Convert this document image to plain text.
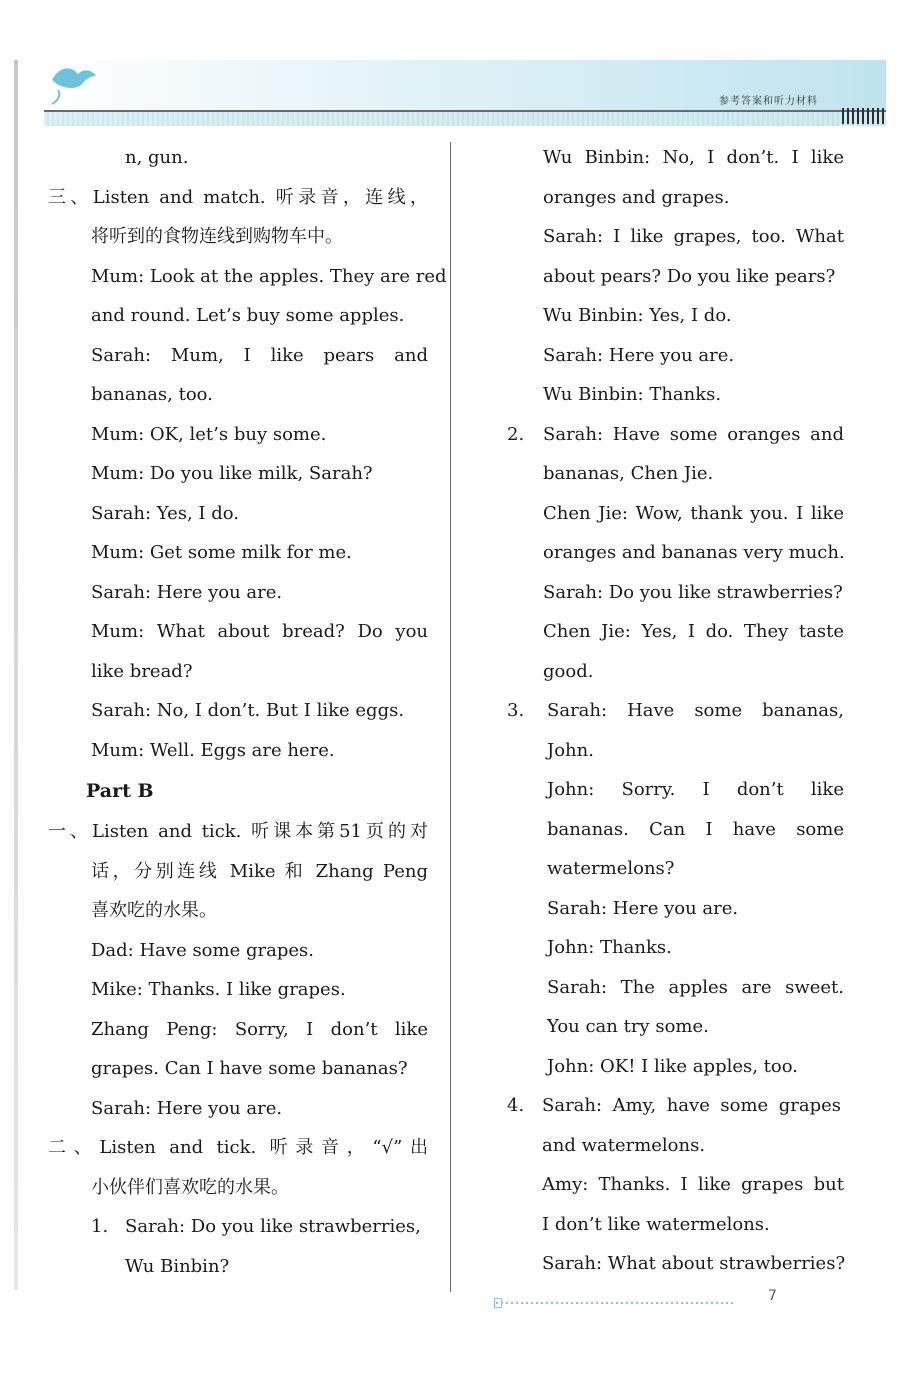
参考答案和听力材料
n, gun.
三、Listen and match. 听录音，连线，
将听到的食物连线到购物车中。
Mum: Look at the apples. They are red
and round. Let’s buy some apples.
Sarah: Mum, I like pears and
bananas, too.
Mum: OK, let’s buy some.
Mum: Do you like milk, Sarah?
Sarah: Yes, I do.
Mum: Get some milk for me.
Sarah: Here you are.
Mum: What about bread? Do you
like bread?
Sarah: No, I don’t. But I like eggs.
Mum: Well. Eggs are here.
Part B
一、Listen and tick. 听课本第51页的对
话，分别连线 Mike 和 Zhang Peng
喜欢吃的水果。
Dad: Have some grapes.
Mike: Thanks. I like grapes.
Zhang Peng: Sorry, I don’t like
grapes. Can I have some bananas?
Sarah: Here you are.
二、Listen and tick. 听录音，“√”出
小伙伴们喜欢吃的水果。
1. Sarah: Do you like strawberries,
Wu Binbin?
Wu Binbin: No, I don’t. I like
oranges and grapes.
Sarah: I like grapes, too. What
about pears? Do you like pears?
Wu Binbin: Yes, I do.
Sarah: Here you are.
Wu Binbin: Thanks.
2. Sarah: Have some oranges and
bananas, Chen Jie.
Chen Jie: Wow, thank you. I like
oranges and bananas very much.
Sarah: Do you like strawberries?
Chen Jie: Yes, I do. They taste
good.
3. Sarah: Have some bananas,
John.
John: Sorry. I don’t like
bananas. Can I have some
watermelons?
Sarah: Here you are.
John: Thanks.
Sarah: The apples are sweet.
You can try some.
John: OK! I like apples, too.
4. Sarah: Amy, have some grapes
and watermelons.
Amy: Thanks. I like grapes but
I don’t like watermelons.
Sarah: What about strawberries?
7
